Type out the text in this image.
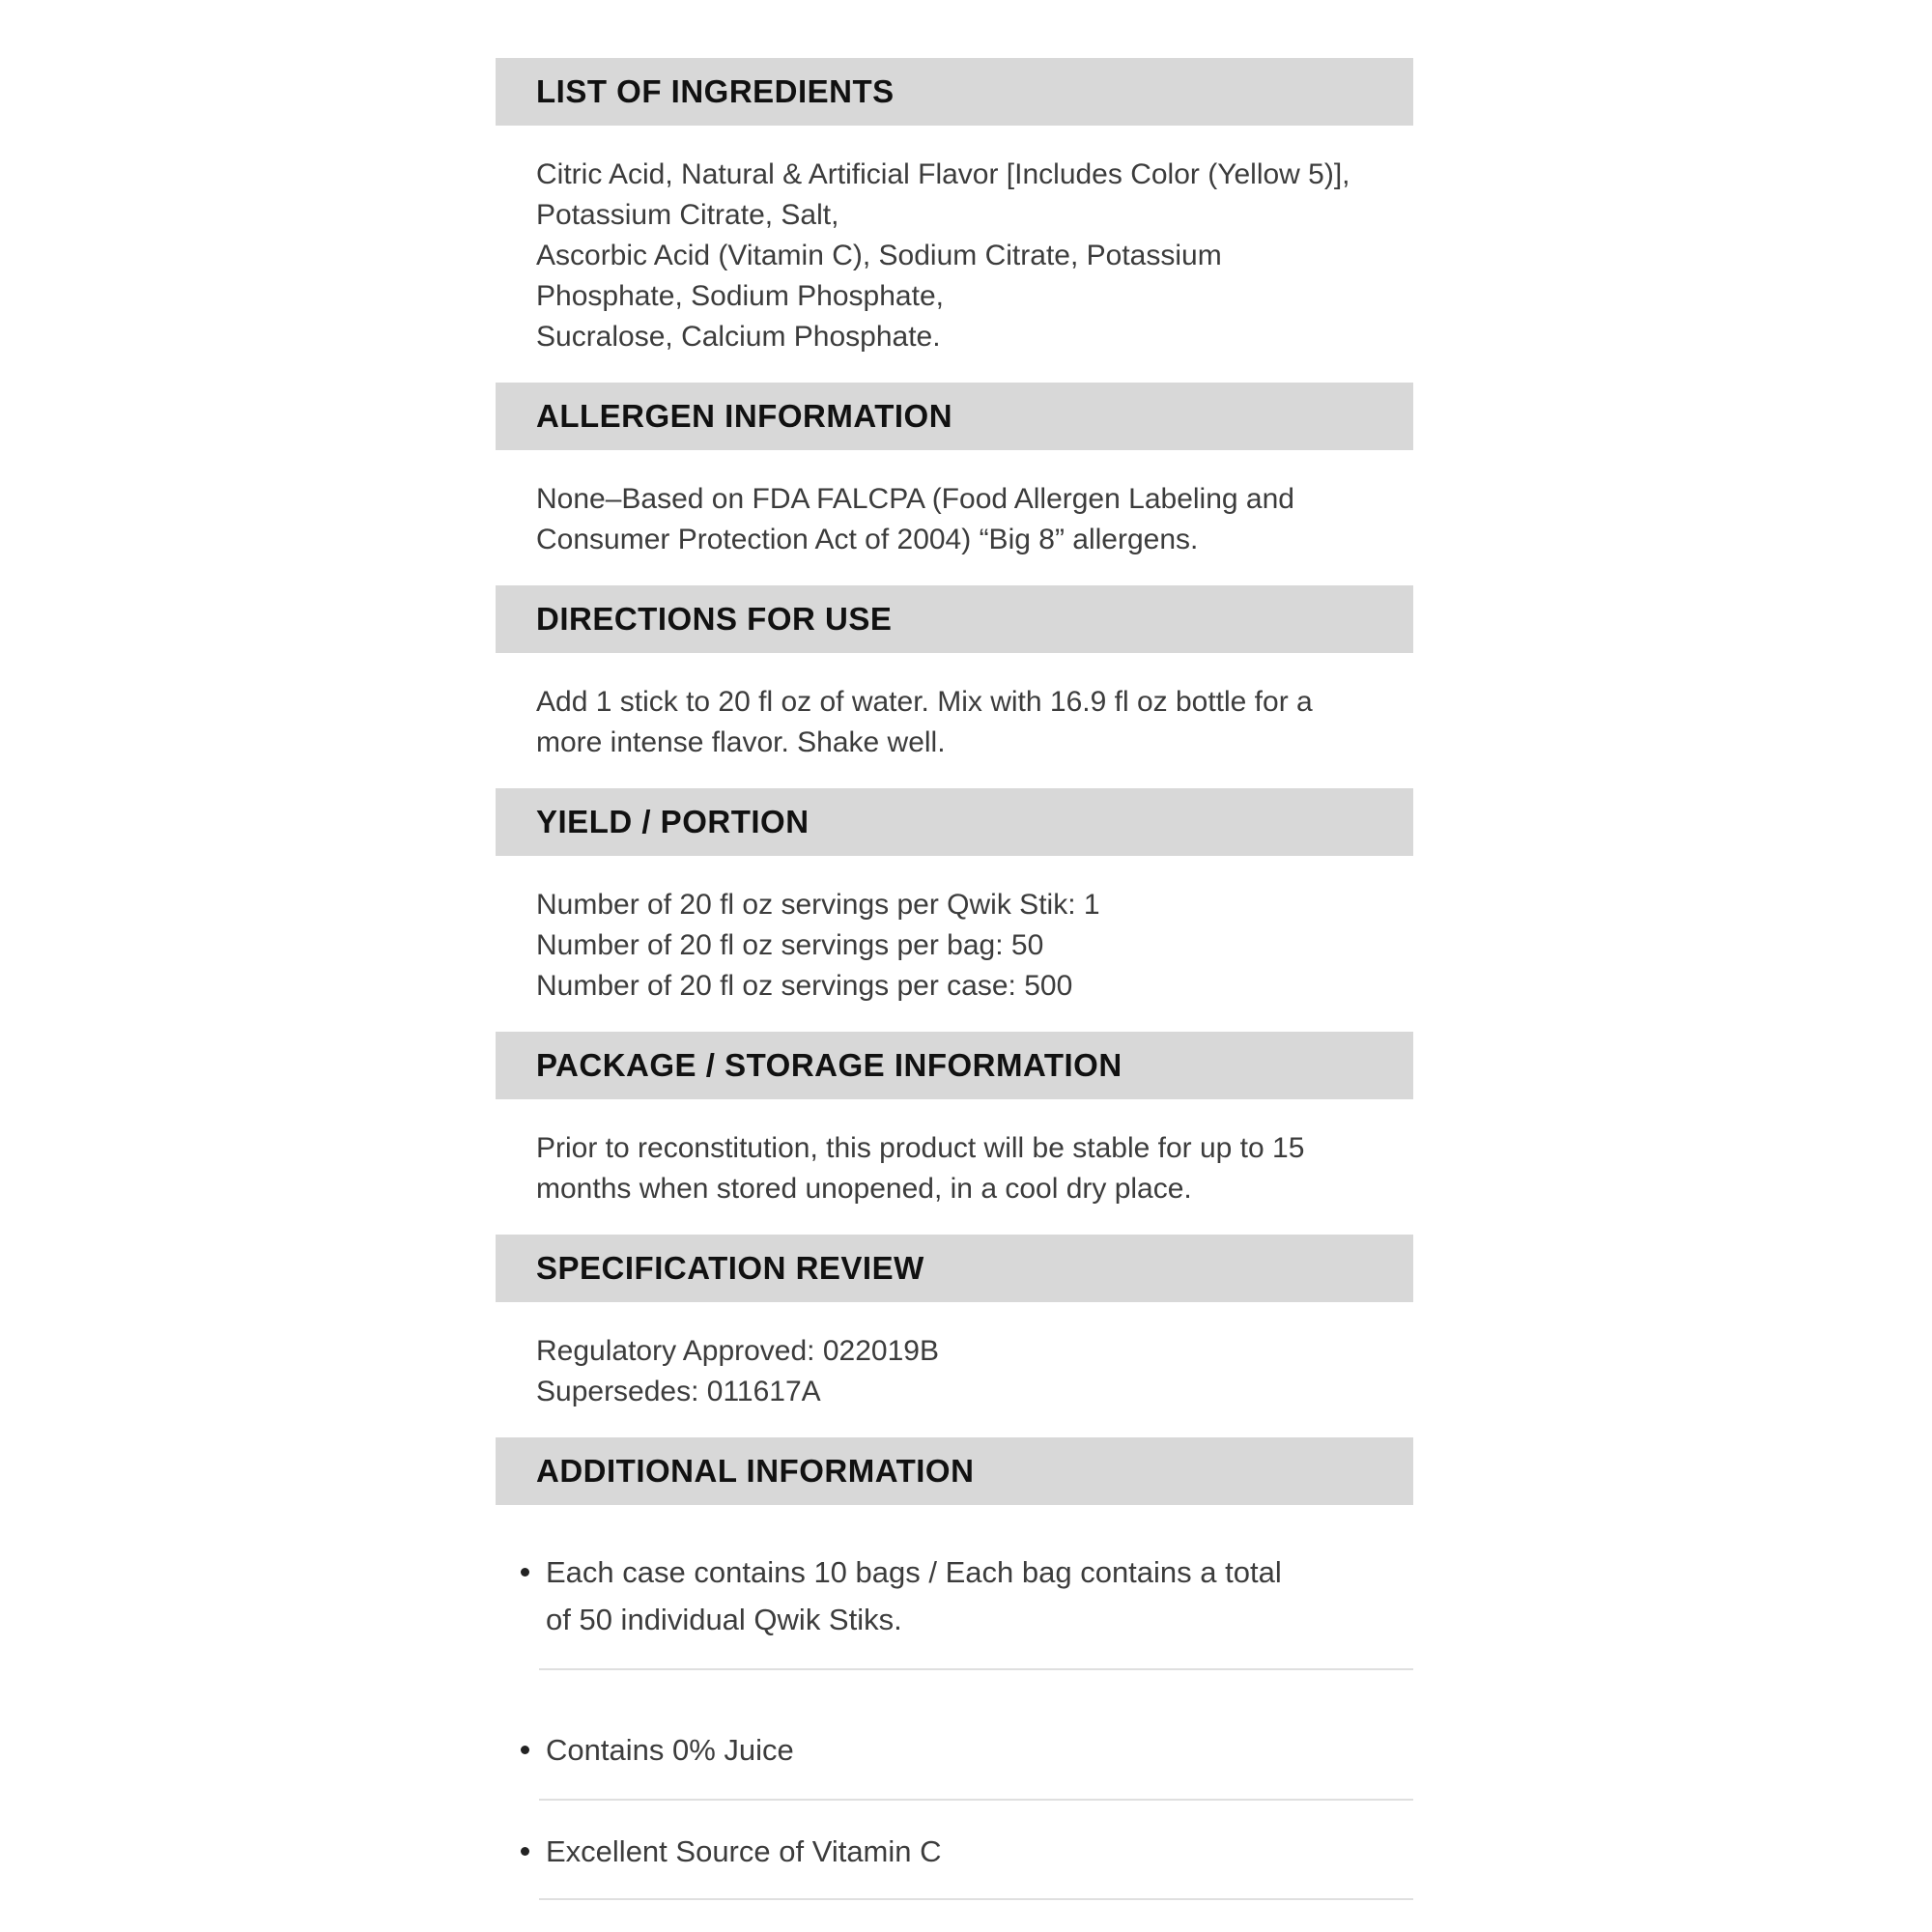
LIST OF INGREDIENTS
Citric Acid, Natural & Artificial Flavor [Includes Color (Yellow 5)],
Potassium Citrate, Salt,
Ascorbic Acid (Vitamin C), Sodium Citrate, Potassium
Phosphate, Sodium Phosphate,
Sucralose, Calcium Phosphate.
ALLERGEN INFORMATION
None–Based on FDA FALCPA (Food Allergen Labeling and
Consumer Protection Act of 2004) “Big 8” allergens.
DIRECTIONS FOR USE
Add 1 stick to 20 fl oz of water. Mix with 16.9 fl oz bottle for a
more intense flavor. Shake well.
YIELD / PORTION
Number of 20 fl oz servings per Qwik Stik: 1
Number of 20 fl oz servings per bag: 50
Number of 20 fl oz servings per case: 500
PACKAGE / STORAGE INFORMATION
Prior to reconstitution, this product will be stable for up to 15
months when stored unopened, in a cool dry place.
SPECIFICATION REVIEW
Regulatory Approved: 022019B
Supersedes: 011617A
ADDITIONAL INFORMATION
Each case contains 10 bags / Each bag contains a total
of 50 individual Qwik Stiks.
Contains 0% Juice
Excellent Source of Vitamin C
